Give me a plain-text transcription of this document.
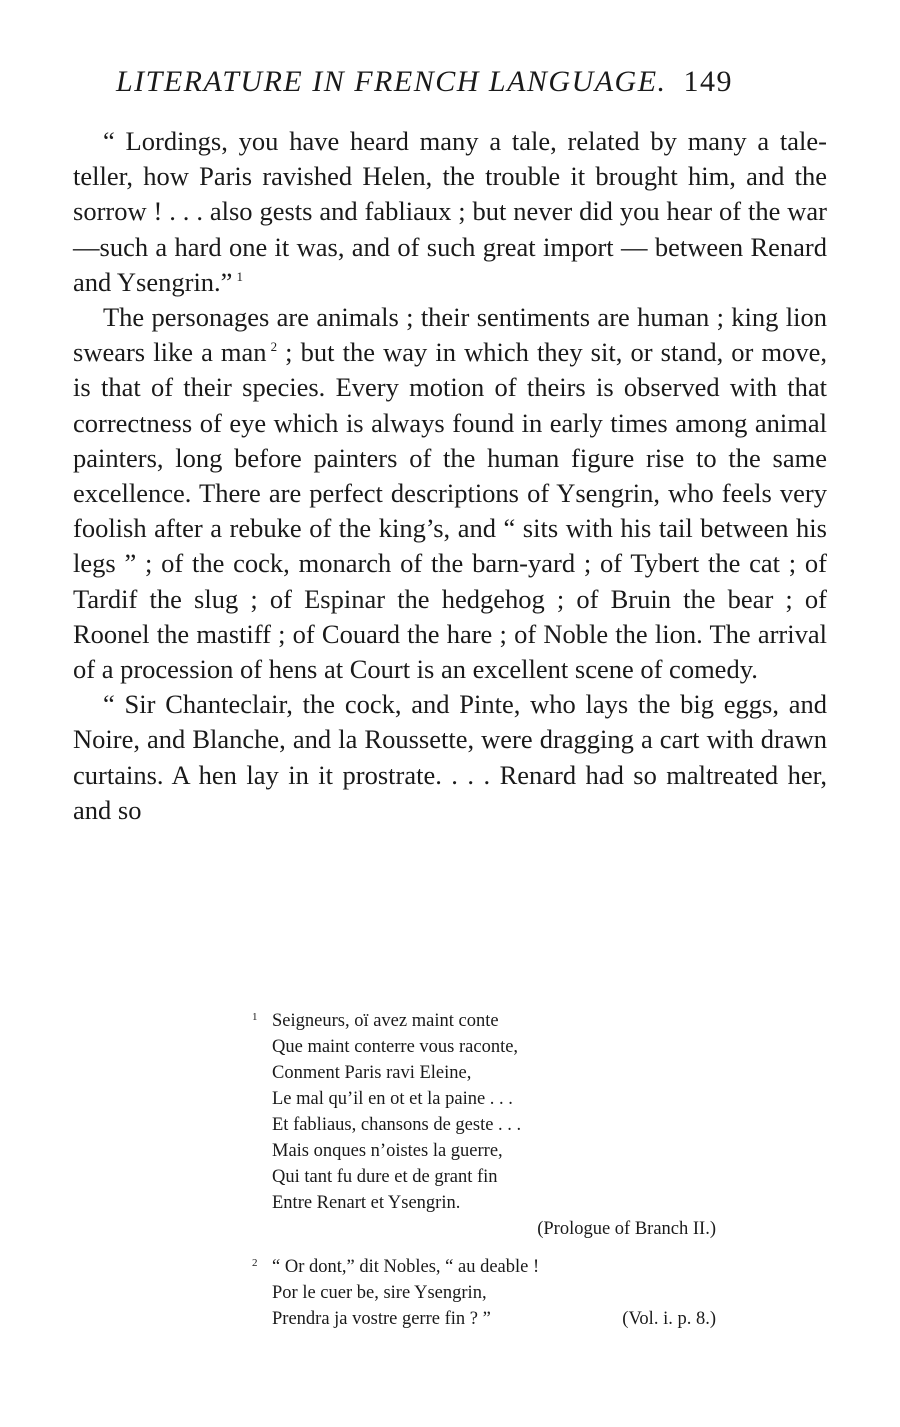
LITERATURE IN FRENCH LANGUAGE. 149

“ Lordings, you have heard many a tale, related by many a tale-teller, how Paris ravished Helen, the trouble it brought him, and the sorrow ! . . . also gests and fabliaux ; but never did you hear of the war—such a hard one it was, and of such great import — between Renard and Ysengrin.” $^1$

The personages are animals ; their sentiments are human ; king lion swears like a man $^2$ ; but the way in which they sit, or stand, or move, is that of their species. Every motion of theirs is observed with that correctness of eye which is always found in early times among animal painters, long before painters of the human figure rise to the same excellence. There are perfect descriptions of Ysengrin, who feels very foolish after a rebuke of the king’s, and “ sits with his tail between his legs ” ; of the cock, monarch of the barn-yard ; of Tybert the cat ; of Tardif the slug ; of Espinar the hedgehog ; of Bruin the bear ; of Roonel the mastiff ; of Couard the hare ; of Noble the lion. The arrival of a procession of hens at Court is an excellent scene of comedy.

“ Sir Chanteclair, the cock, and Pinte, who lays the big eggs, and Noire, and Blanche, and la Roussette, were dragging a cart with drawn curtains. A hen lay in it prostrate. . . . Renard had so maltreated her, and so

1 Seigneurs, oï avez maint conte
Que maint conterre vous raconte,
Conment Paris ravi Eleine,
Le mal qu’il en ot et la paine . . .
Et fabliaus, chansons de geste . . .
Mais onques n’oistes la guerre,
Qui tant fu dure et de grant fin
Entre Renart et Ysengrin.
(Prologue of Branch II.)
2 “ Or dont,” dit Nobles, “ au deable !
Por le cuer be, sire Ysengrin,
Prendra ja vostre gerre fin ? ”	(Vol. i. p. 8.)
